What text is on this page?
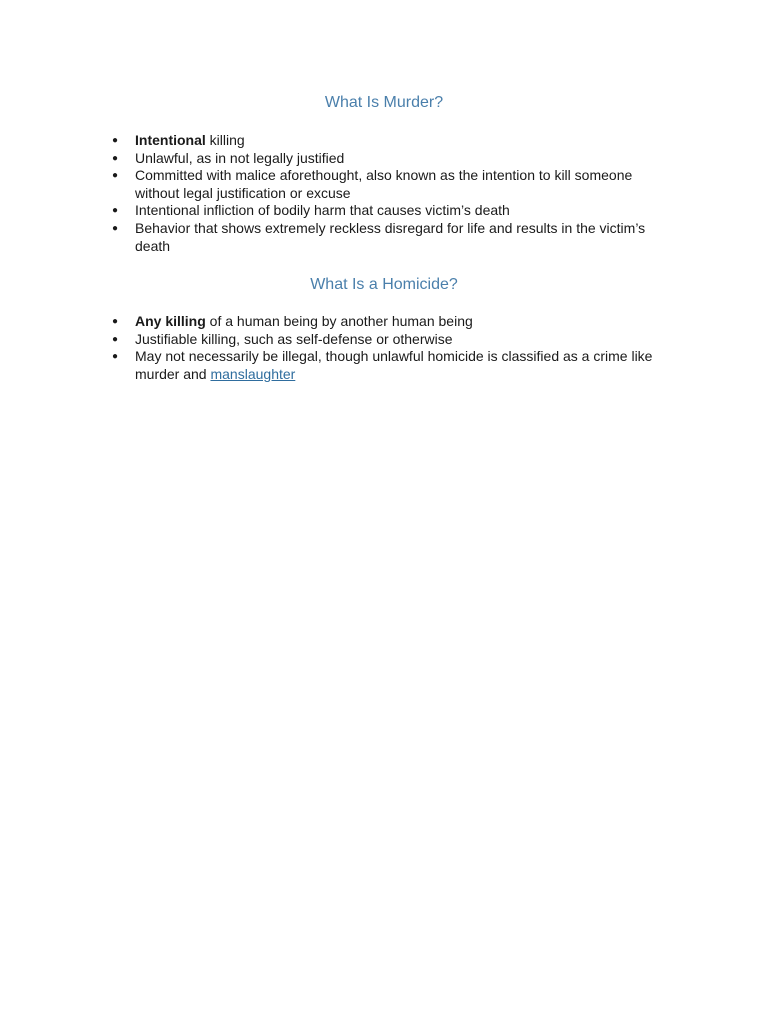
What Is Murder?
● Intentional killing
● Unlawful, as in not legally justified
● Committed with malice aforethought, also known as the intention to kill someone without legal justification or excuse
● Intentional infliction of bodily harm that causes victim’s death
● Behavior that shows extremely reckless disregard for life and results in the victim’s death
What Is a Homicide?
● Any killing of a human being by another human being
● Justifiable killing, such as self-defense or otherwise
● May not necessarily be illegal, though unlawful homicide is classified as a crime like murder and manslaughter
